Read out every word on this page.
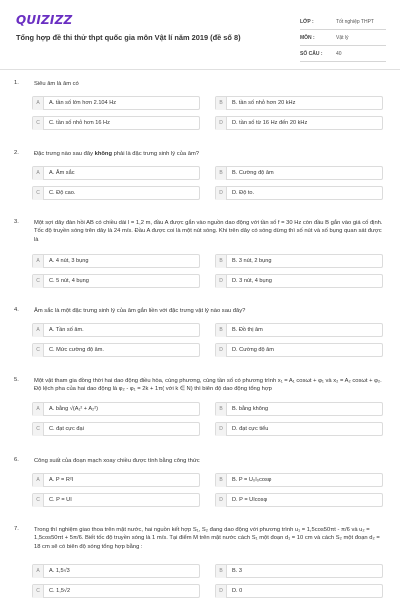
QUIZIZZ
Tổng hợp đề thi thử thpt quốc gia môn Vật lí năm 2019 (đề số 8)
LỚP :	Tốt nghiệp THPT
MÔN :	Vật lý
SỐ CÂU :	40
1.	Siêu âm là âm có
A	A. tần số lớn hơn 2.104 Hz	B	B. tần số nhỏ hơn 20 kHz
C	C. tần số nhỏ hơn 16 Hz	D	D. tần số từ 16 Hz đến 20 kHz
2.	Đặc trưng nào sau đây không phải là đặc trưng sinh lý của âm?
A	A. Âm sắc	B	B. Cường độ âm
C	C. Độ cao.	D	D. Độ to.
3.	Một sợi dây đàn hồi AB có chiều dài l = 1,2 m, đầu A được gắn vào nguồn dao động với tần số f = 30 Hz còn đầu B gắn vào giá cố định. Tốc độ truyền sóng trên dây là 24 m/s. Đầu A được coi là một nút sóng. Khi trên dây có sóng dừng thì số nút và số bụng quan sát được là
A	A. 4 nút, 3 bụng	B	B. 3 nút, 2 bụng
C	C. 5 nút, 4 bụng	D	D. 3 nút, 4 bụng
4.	Âm sắc là một đặc trưng sinh lý của âm gắn liền với đặc trưng vật lý nào sau đây?
A	A. Tần số âm.	B	B. Đồ thị âm
C	C. Mức cường độ âm.	D	D. Cường độ âm
5.	Một vật tham gia đồng thời hai dao động điều hòa, cùng phương, cùng tần số có phương trình x₁ = A₁ cosωt + φ₁ và x₂ = A₂ cosωt + φ₂. Độ lệch pha của hai dao động là φ₂ - φ₁ = 2k + 1π( với k ∈ N) thì biên độ dao động tổng hợp
A	A. bằng √(A₁² + A₂²)	B	B. bằng không
C	C. đạt cực đại	D	D. đạt cực tiểu
6.	Công suất của đoạn mạch xoay chiều được tính bằng công thức
A	A. P = R²I	B	B. P = U₀I₀cosφ
C	C. P = UI	D	D. P = UIcosφ
7.	Trong thí nghiệm giao thoa trên mặt nước, hai nguồn kết hợp S₁, S₂ đang dao động với phương trình u₁ = 1,5cos50πt - π/6 và u₂ = 1,5cos50πt + 5π/6. Biết tốc độ truyền sóng là 1 m/s. Tại điểm M trên mặt nước cách S₁ một đoạn d₁ = 10 cm và cách S₂ một đoạn d₂ = 18 cm sẽ có biên độ sóng tổng hợp bằng :
A	A. 1,5√3	B	B. 3
C	C. 1,5√2	D	D. 0
